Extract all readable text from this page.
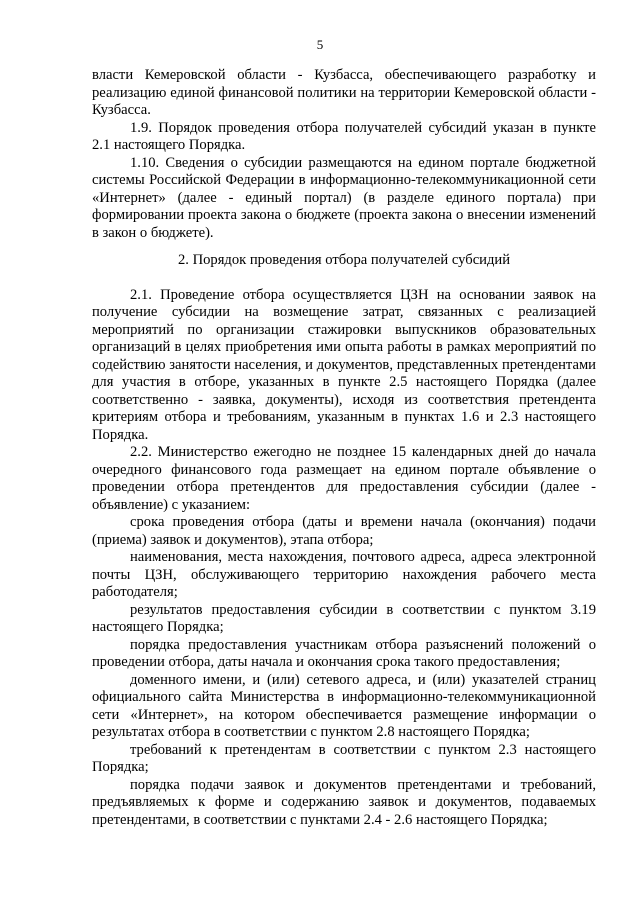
5

власти Кемеровской области - Кузбасса, обеспечивающего разработку и реализацию единой финансовой политики на территории Кемеровской области - Кузбасса.

1.9. Порядок проведения отбора получателей субсидий указан в пункте 2.1 настоящего Порядка.

1.10. Сведения о субсидии размещаются на едином портале бюджетной системы Российской Федерации в информационно-телекоммуникационной сети «Интернет» (далее - единый портал) (в разделе единого портала) при формировании проекта закона о бюджете (проекта закона о внесении изменений в закон о бюджете).

2. Порядок проведения отбора получателей субсидий

2.1. Проведение отбора осуществляется ЦЗН на основании заявок на получение субсидии на возмещение затрат, связанных с реализацией мероприятий по организации стажировки выпускников образовательных организаций в целях приобретения ими опыта работы в рамках мероприятий по содействию занятости населения, и документов, представленных претендентами для участия в отборе, указанных в пункте 2.5 настоящего Порядка (далее соответственно - заявка, документы), исходя из соответствия претендента критериям отбора и требованиям, указанным в пунктах 1.6 и 2.3 настоящего Порядка.

2.2. Министерство ежегодно не позднее 15 календарных дней до начала очередного финансового года размещает на едином портале объявление о проведении отбора претендентов для предоставления субсидии (далее - объявление) с указанием:

срока проведения отбора (даты и времени начала (окончания) подачи (приема) заявок и документов), этапа отбора;

наименования, места нахождения, почтового адреса, адреса электронной почты ЦЗН, обслуживающего территорию нахождения рабочего места работодателя;

результатов предоставления субсидии в соответствии с пунктом 3.19 настоящего Порядка;

порядка предоставления участникам отбора разъяснений положений о проведении отбора, даты начала и окончания срока такого предоставления;

доменного имени, и (или) сетевого адреса, и (или) указателей страниц официального сайта Министерства в информационно-телекоммуникационной сети «Интернет», на котором обеспечивается размещение информации о результатах отбора в соответствии с пунктом 2.8 настоящего Порядка;

требований к претендентам в соответствии с пунктом 2.3 настоящего Порядка;

порядка подачи заявок и документов претендентами и требований, предъявляемых к форме и содержанию заявок и документов, подаваемых претендентами, в соответствии с пунктами 2.4 - 2.6 настоящего Порядка;
